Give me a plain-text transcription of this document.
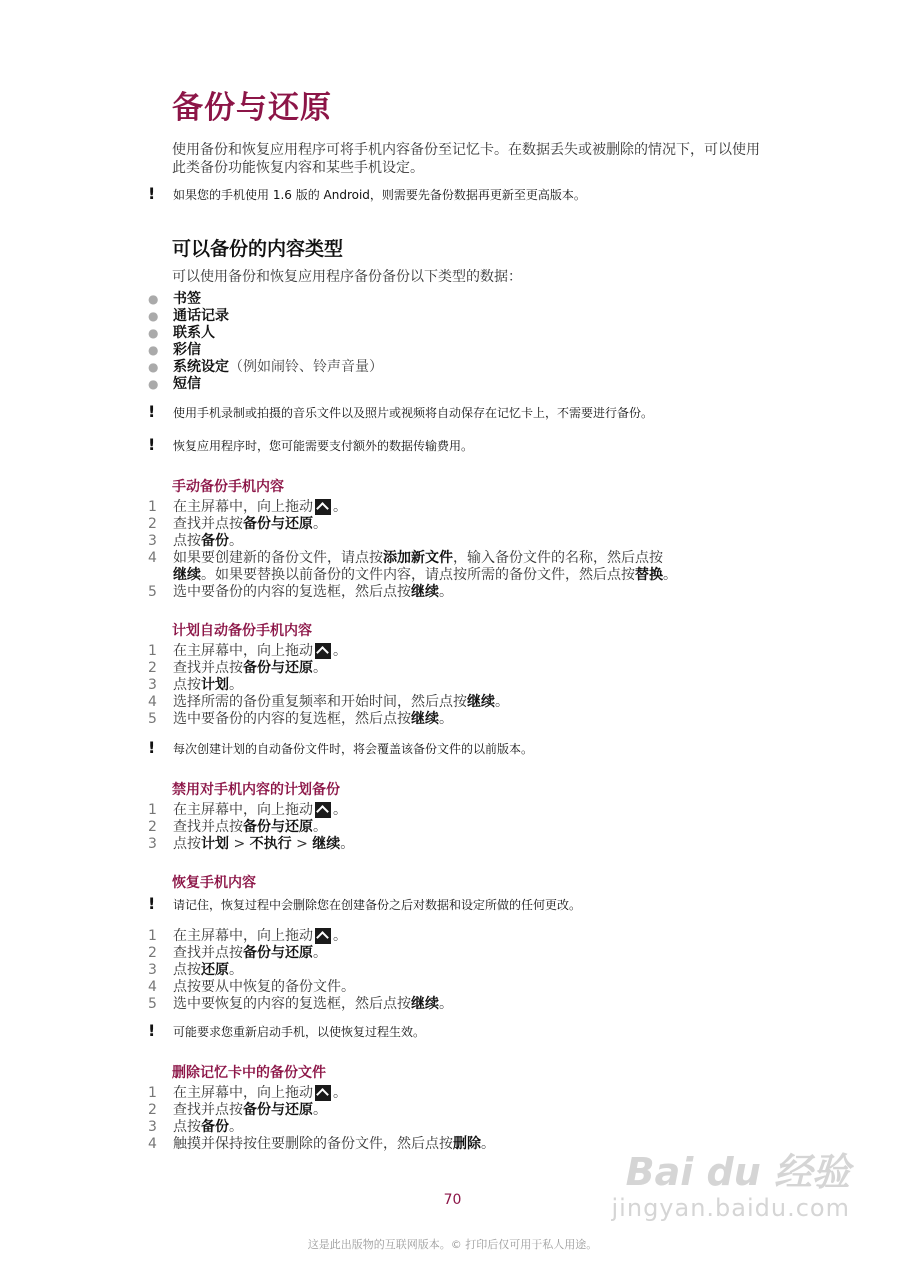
备份与还原
使用备份和恢复应用程序可将手机内容备份至记忆卡。在数据丢失或被删除的情况下，可以使用此类备份功能恢复内容和某些手机设定。
!	如果您的手机使用 1.6 版的 Android，则需要先备份数据再更新至更高版本。
可以备份的内容类型
可以使用备份和恢复应用程序备份备份以下类型的数据：
●	书签
●	通话记录
●	联系人
●	彩信
●	系统设定 （例如闹铃、铃声音量）
●	短信
!	使用手机录制或拍摄的音乐文件以及照片或视频将自动保存在记忆卡上，不需要进行备份。
!	恢复应用程序时，您可能需要支付额外的数据传输费用。
手动备份手机内容
1	在主屏幕中，向上拖动 。
2	查找并点按 备份与还原 。
3	点按 备份 。
4	如果要创建新的备份文件，请点按添加新文件，输入备份文件的名称，然后点按
继续。如果要替换以前备份的文件内容，请点按所需的备份文件，然后点按替换。
5	选中要备份的内容的复选框，然后点按 继续 。
计划自动备份手机内容
1	在主屏幕中，向上拖动 。
2	查找并点按 备份与还原 。
3	点按 计划 。
4	选择所需的备份重复频率和开始时间，然后点按 继续 。
5	选中要备份的内容的复选框，然后点按 继续 。
!	每次创建计划的自动备份文件时，将会覆盖该备份文件的以前版本。
禁用对手机内容的计划备份
1	在主屏幕中，向上拖动 。
2	查找并点按 备份与还原 。
3	点按 计划 > 不执行 > 继续 。
恢复手机内容
!	请记住，恢复过程中会删除您在创建备份之后对数据和设定所做的任何更改。
1	在主屏幕中，向上拖动 。
2	查找并点按 备份与还原 。
3	点按 还原 。
4	点按要从中恢复的备份文件。
5	选中要恢复的内容的复选框，然后点按 继续 。
!	可能要求您重新启动手机，以使恢复过程生效。
删除记忆卡中的备份文件
1	在主屏幕中，向上拖动 。
2	查找并点按 备份与还原 。
3	点按 备份 。
4	触摸并保持按住要删除的备份文件，然后点按 删除 。
70
这是此出版物的互联网版本。© 打印后仅可用于私人用途。
Bai du 经验
jingyan.baidu.com
